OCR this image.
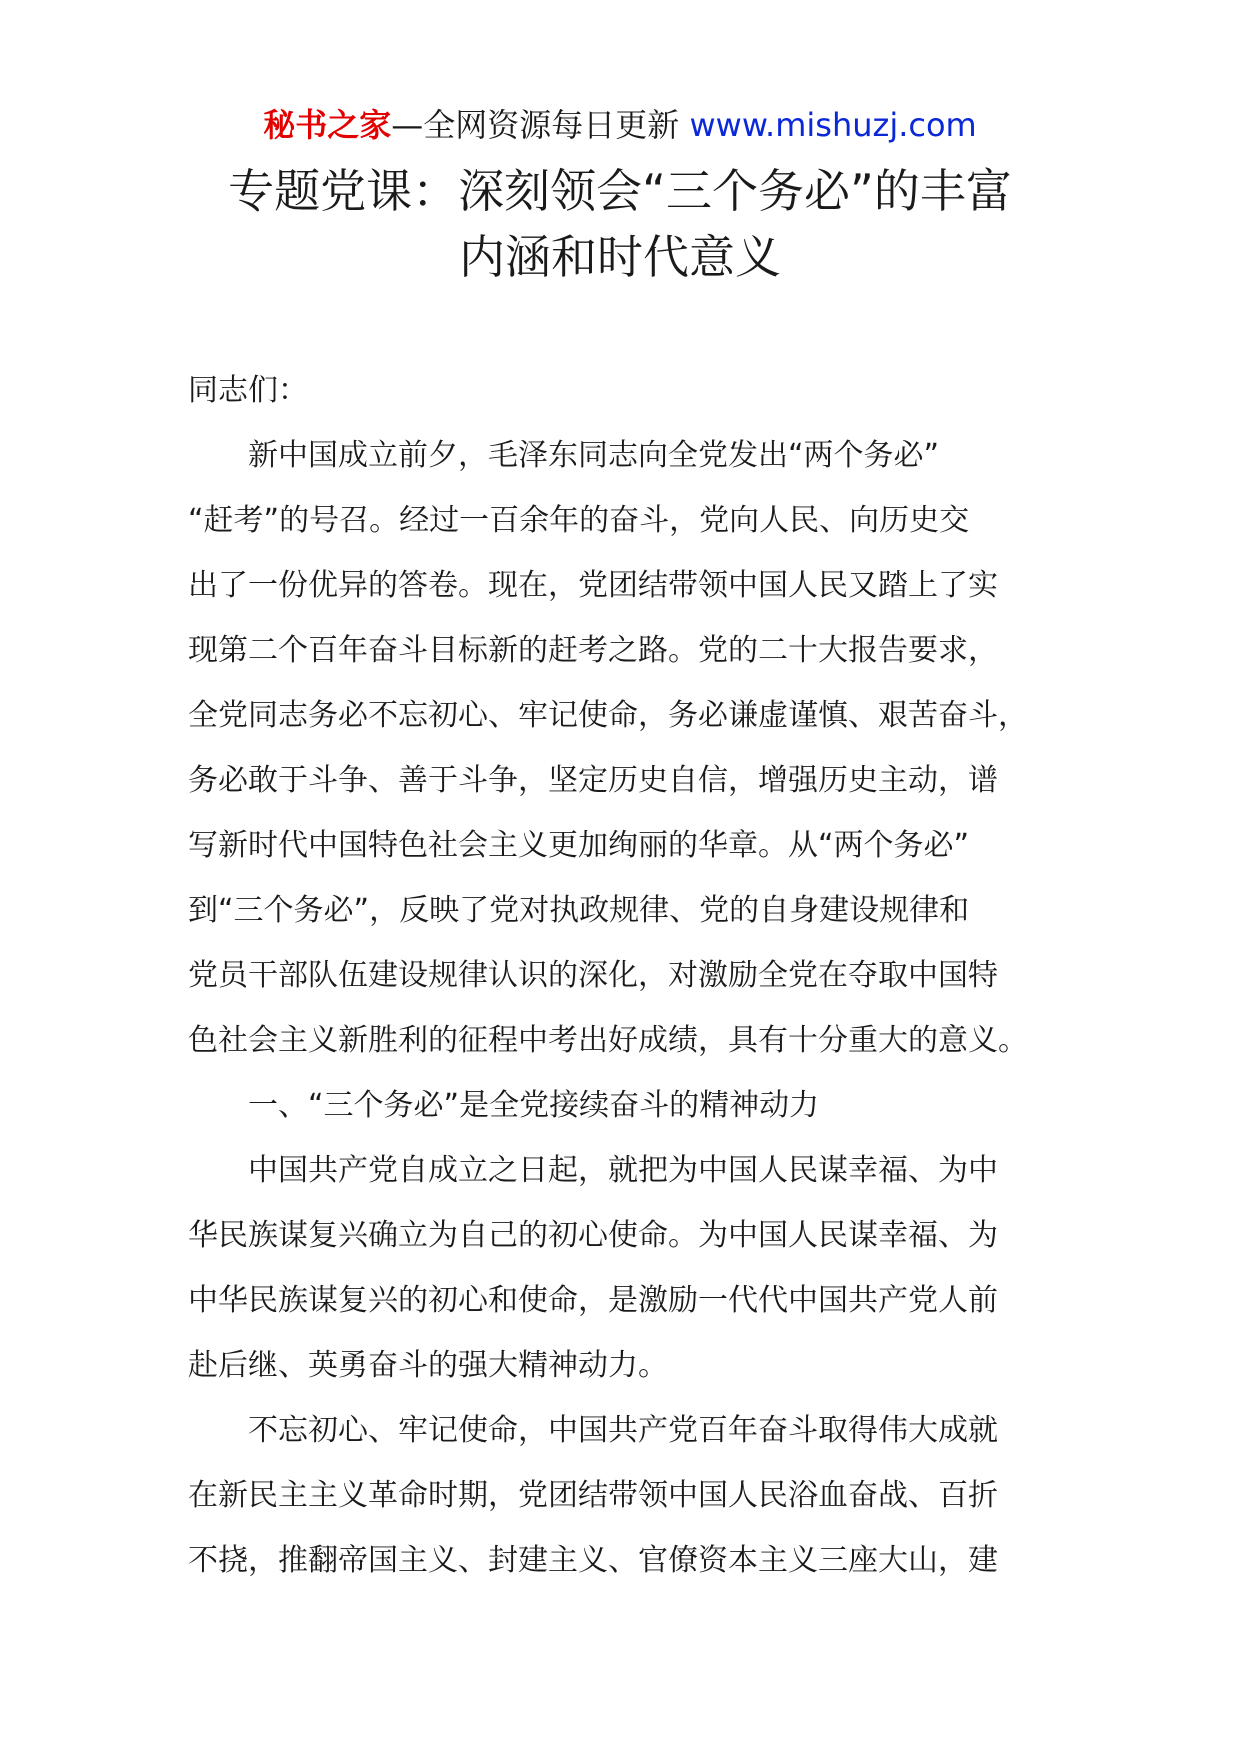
秘书之家—全网资源每日更新 www.mishuzj.com
专题党课：深刻领会“三个务必”的丰富
内涵和时代意义
同志们：
新中国成立前夕，毛泽东同志向全党发出“两个务必”
“赶考”的号召。经过一百余年的奋斗，党向人民、向历史交
出了一份优异的答卷。现在，党团结带领中国人民又踏上了实
现第二个百年奋斗目标新的赶考之路。党的二十大报告要求，
全党同志务必不忘初心、牢记使命，务必谦虚谨慎、艰苦奋斗，
务必敢于斗争、善于斗争，坚定历史自信，增强历史主动，谱
写新时代中国特色社会主义更加绚丽的华章。从“两个务必”
到“三个务必”，反映了党对执政规律、党的自身建设规律和
党员干部队伍建设规律认识的深化，对激励全党在夺取中国特
色社会主义新胜利的征程中考出好成绩，具有十分重大的意义。
一、“三个务必”是全党接续奋斗的精神动力
中国共产党自成立之日起，就把为中国人民谋幸福、为中
华民族谋复兴确立为自己的初心使命。为中国人民谋幸福、为
中华民族谋复兴的初心和使命，是激励一代代中国共产党人前
赴后继、英勇奋斗的强大精神动力。
不忘初心、牢记使命，中国共产党百年奋斗取得伟大成就
在新民主主义革命时期，党团结带领中国人民浴血奋战、百折
不挠，推翻帝国主义、封建主义、官僚资本主义三座大山，建
